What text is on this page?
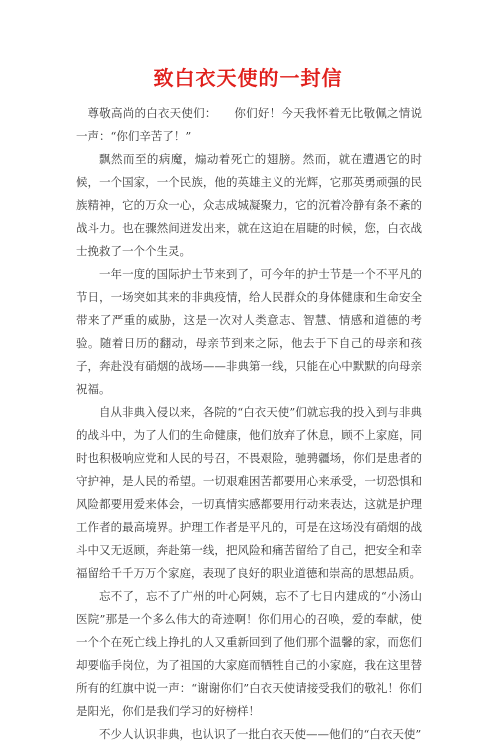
致白衣天使的一封信

尊敬高尚的白衣天使们：　　你们好！今天我怀着无比敬佩之情说一声：“你们辛苦了！”

飘然而至的病魔，煽动着死亡的翅膀。然而，就在遭遇它的时候，一个国家，一个民族，他的英雄主义的光辉，它那英勇顽强的民族精神，它的万众一心，众志成城凝聚力，它的沉着冷静有条不紊的战斗力。也在骤然间迸发出来，就在这迫在眉睫的时候，您，白衣战士挽救了一个个生灵。

一年一度的国际护士节来到了，可今年的护士节是一个不平凡的节日，一场突如其来的非典疫情，给人民群众的身体健康和生命安全带来了严重的威胁，这是一次对人类意志、智慧、情感和道德的考验。随着日历的翻动，母亲节到来之际，他去于下自己的母亲和孩子，奔赴没有硝烟的战场——非典第一线，只能在心中默默的向母亲祝福。

自从非典入侵以来，各院的“白衣天使”们就忘我的投入到与非典的战斗中，为了人们的生命健康，他们放弃了休息，顾不上家庭，同时也积极响应党和人民的号召，不畏艰险，驰骋疆场，你们是患者的守护神，是人民的希望。一切艰难困苦都要用心来承受，一切恐惧和风险都要用爱来体会，一切真情实感都要用行动来表达，这就是护理工作者的最高境界。护理工作者是平凡的，可是在这场没有硝烟的战斗中又无返顾，奔赴第一线，把风险和痛苦留给了自己，把安全和幸福留给千千万万个家庭，表现了良好的职业道德和崇高的思想品质。

忘不了，忘不了广州的叶心阿姨，忘不了七日内建成的“小汤山医院”那是一个多么伟大的奇迹啊！你们用心的召唤，爱的奉献，使一个个在死亡线上挣扎的人又重新回到了他们那个温馨的家，而您们却要临手岗位，为了祖国的大家庭而牺牲自己的小家庭，我在这里替所有的红旗中说一声：“谢谢你们”白衣天使请接受我们的敬礼！你们是阳光，你们是我们学习的好榜样！

不少人认识非典，也认识了一批白衣天使——他们的“白衣天使”
